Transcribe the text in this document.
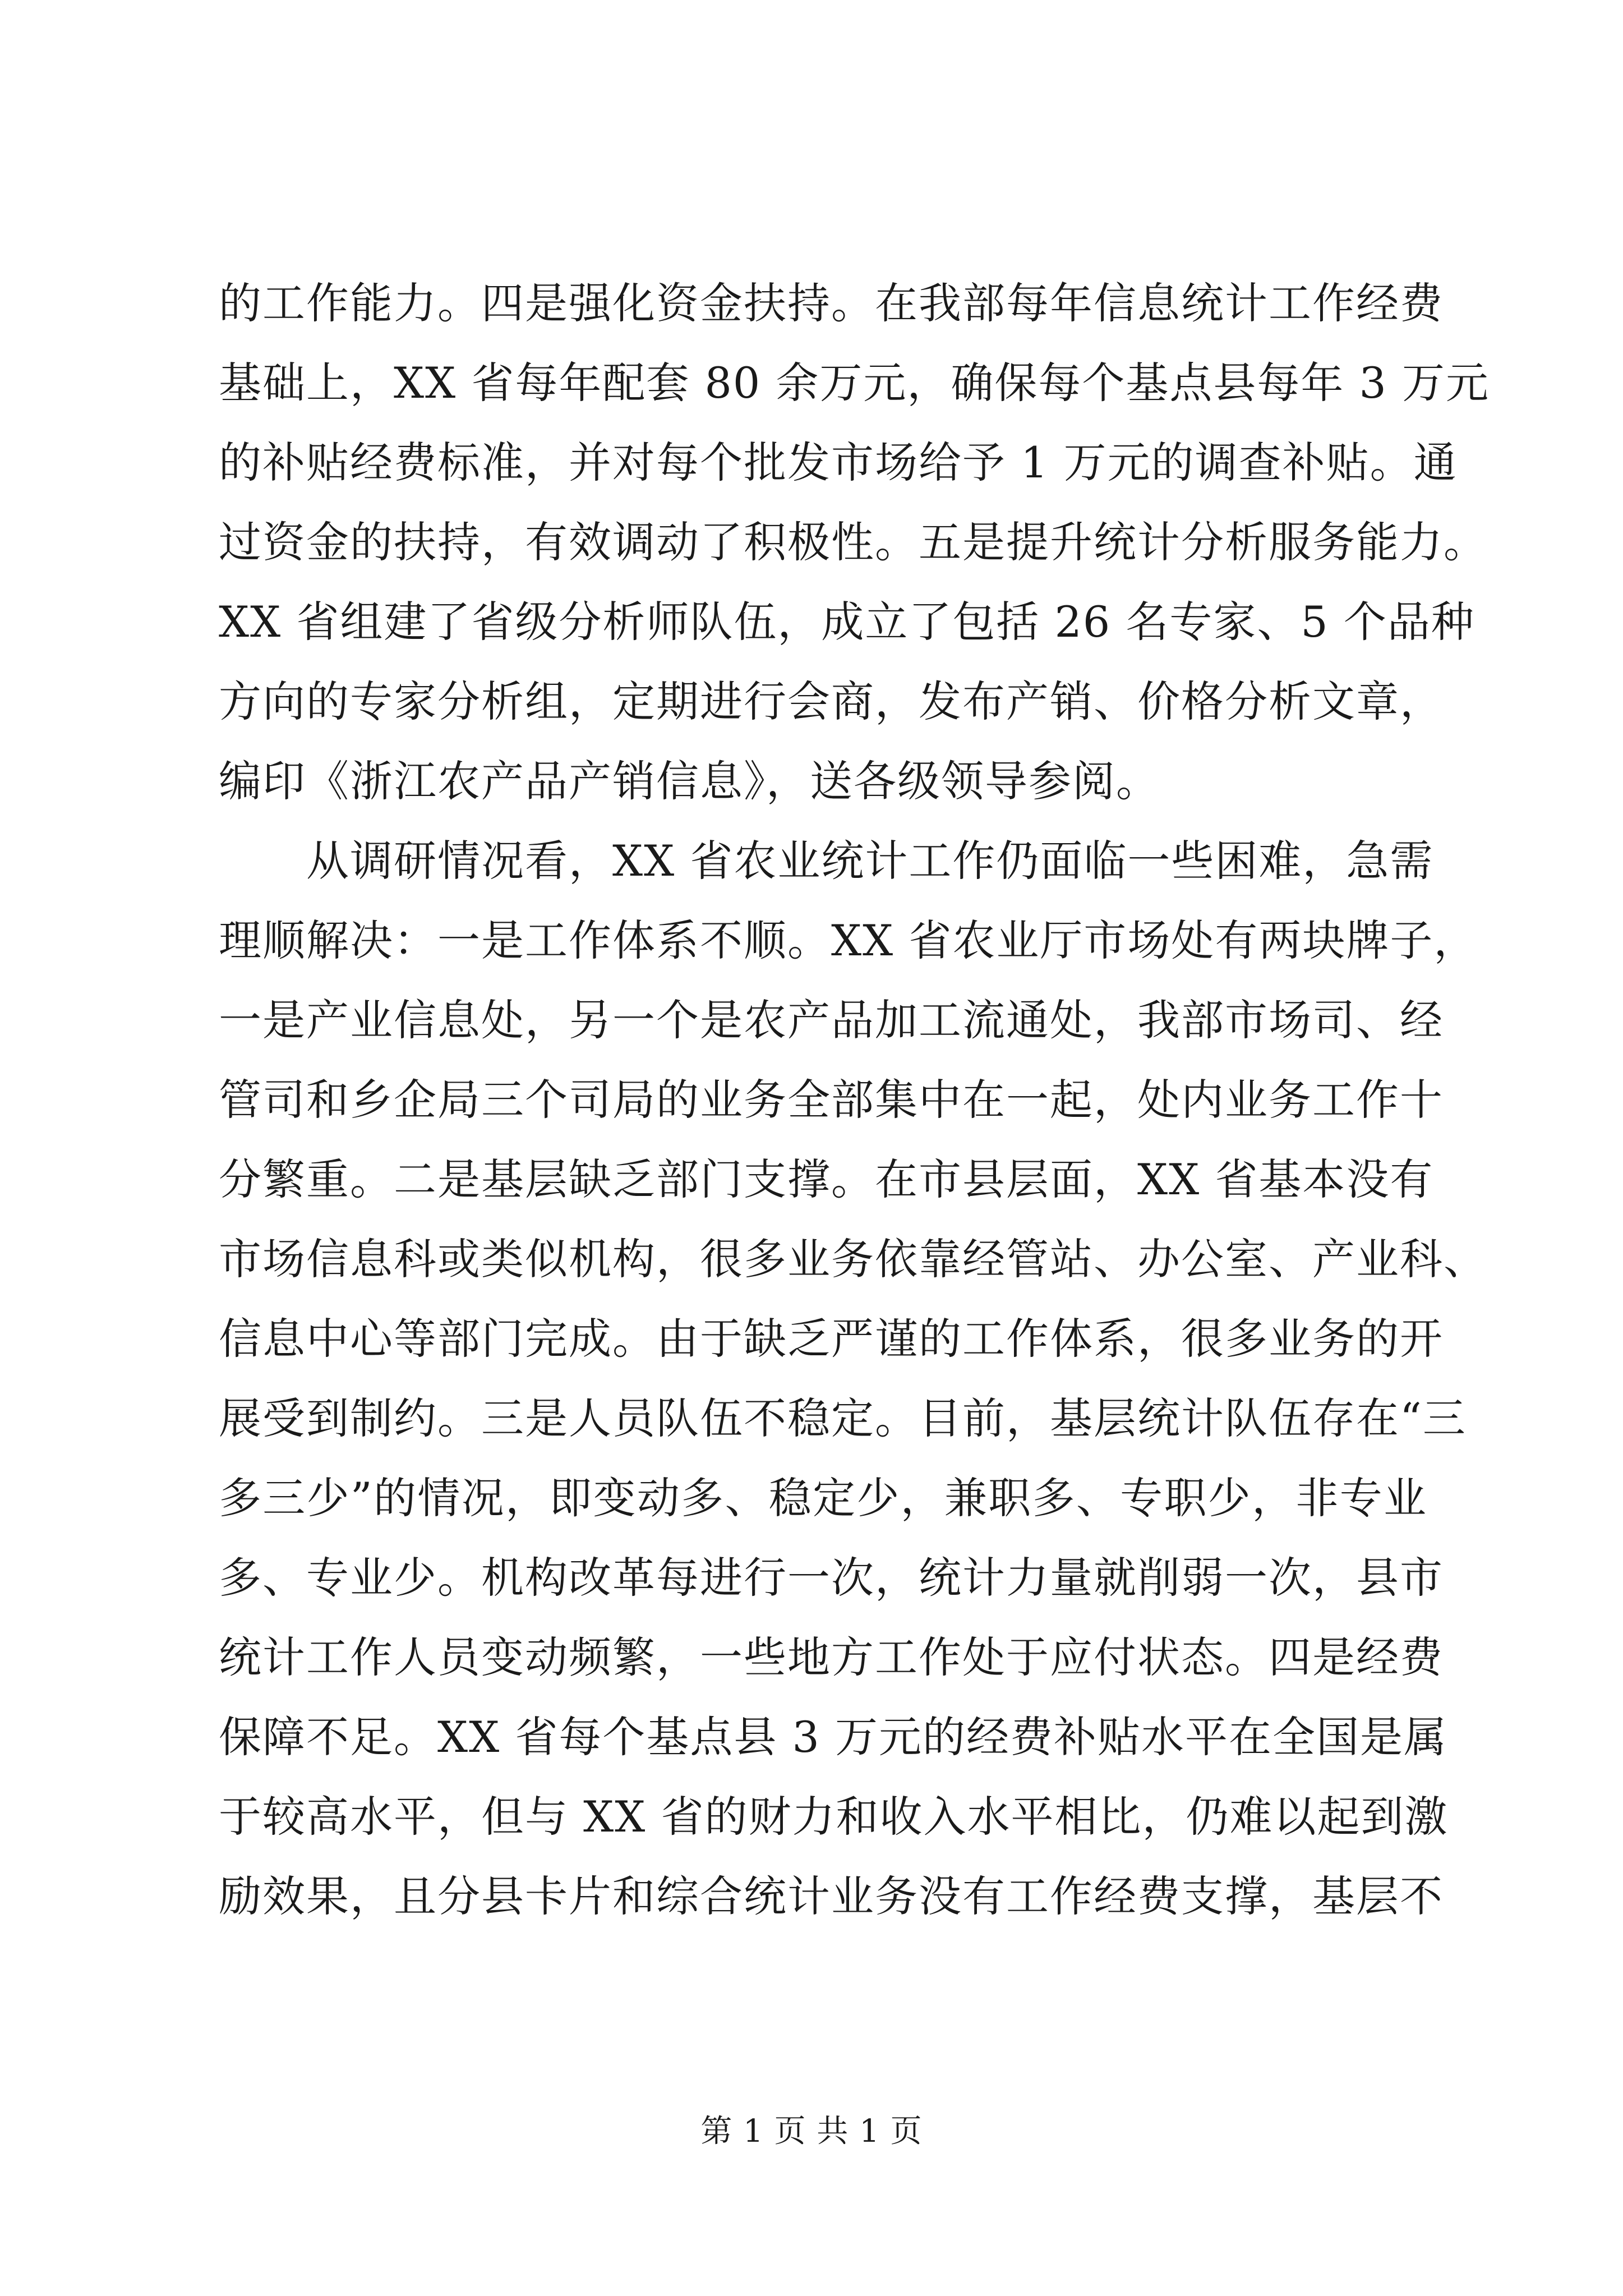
的工作能力。四是强化资金扶持。在我部每年信息统计工作经费
基础上，XX 省每年配套 80 余万元，确保每个基点县每年 3 万元
的补贴经费标准，并对每个批发市场给予 1 万元的调查补贴。通
过资金的扶持，有效调动了积极性。五是提升统计分析服务能力。
XX 省组建了省级分析师队伍，成立了包括 26 名专家、5 个品种
方向的专家分析组，定期进行会商，发布产销、价格分析文章，
编印《浙江农产品产销信息》，送各级领导参阅。
　　从调研情况看，XX 省农业统计工作仍面临一些困难，急需
理顺解决：一是工作体系不顺。XX 省农业厅市场处有两块牌子，
一是产业信息处，另一个是农产品加工流通处，我部市场司、经
管司和乡企局三个司局的业务全部集中在一起，处内业务工作十
分繁重。二是基层缺乏部门支撑。在市县层面，XX 省基本没有
市场信息科或类似机构，很多业务依靠经管站、办公室、产业科、
信息中心等部门完成。由于缺乏严谨的工作体系，很多业务的开
展受到制约。三是人员队伍不稳定。目前，基层统计队伍存在“三
多三少”的情况，即变动多、稳定少，兼职多、专职少，非专业
多、专业少。机构改革每进行一次，统计力量就削弱一次，县市
统计工作人员变动频繁，一些地方工作处于应付状态。四是经费
保障不足。XX 省每个基点县 3 万元的经费补贴水平在全国是属
于较高水平，但与 XX 省的财力和收入水平相比，仍难以起到激
励效果，且分县卡片和综合统计业务没有工作经费支撑，基层不
第 1 页 共 1 页
